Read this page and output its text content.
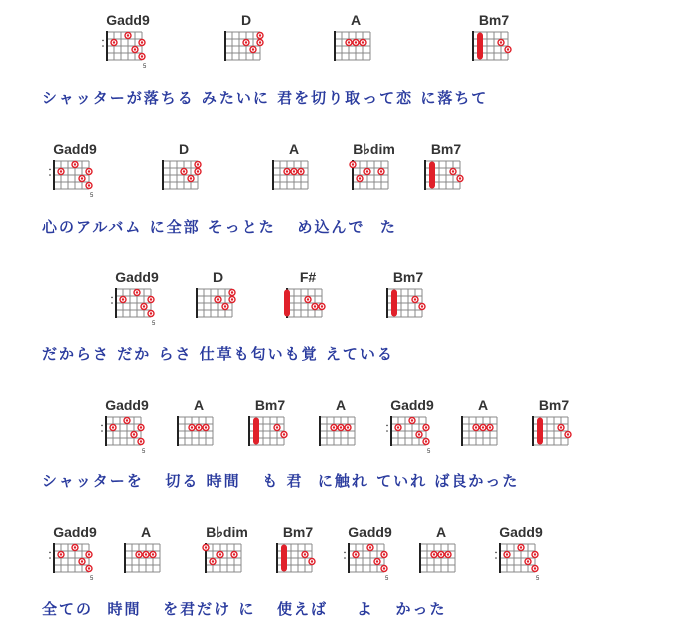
Gadd9
5
D	A	Bm7
シャッターが落ちる みたいに 君を切り取って恋 に落ちて
Gadd9
5
D	A	B♭dim	Bm7
心のアルバム に全部 そっとた   め込んで  た
Gadd9
5
D	F#	Bm7
だからさ だか らさ 仕草も匂いも覚 えている
Gadd9
5
A	Bm7	A	Gadd9
5
A	Bm7
シャッターを   切る 時間   も 君  に触れ ていれ ば良かった
Gadd9
5
A	B♭dim	Bm7	Gadd9
5
A	Gadd9
5
全ての  時間   を君だけ に   使えば    よ   かった
